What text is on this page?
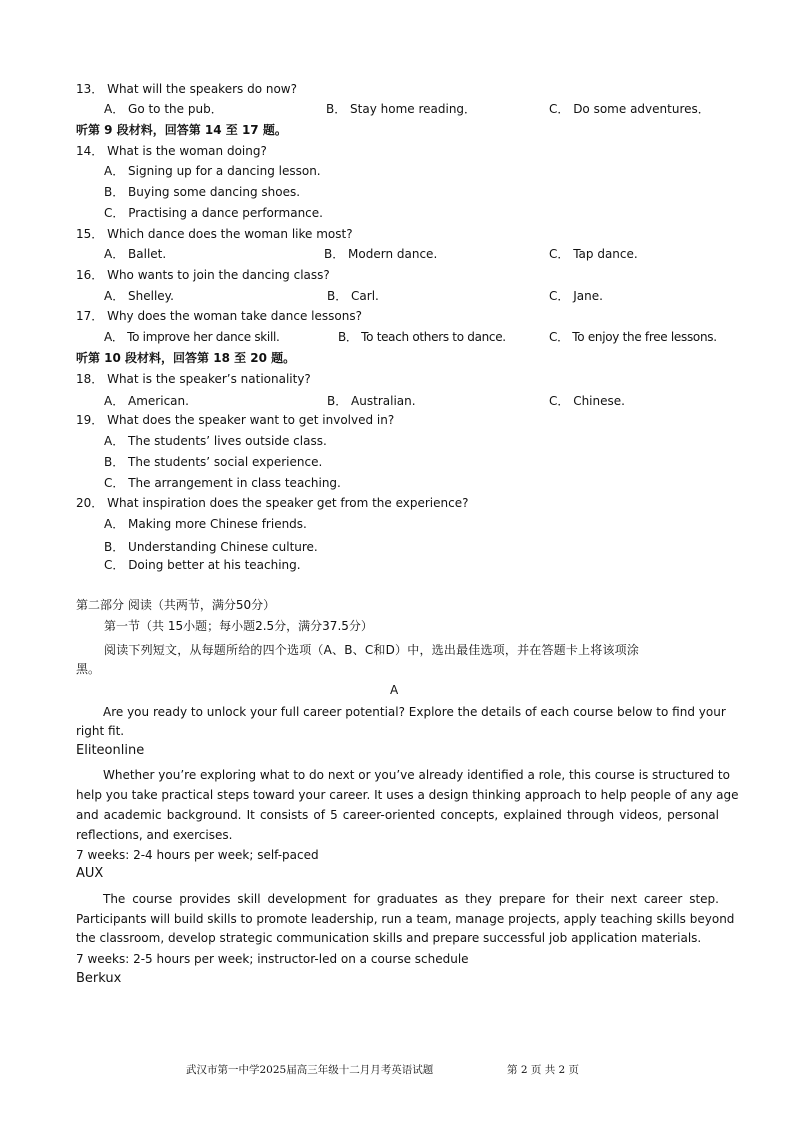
13． What will the speakers do now?
A． Go to the pub．	B． Stay home reading．	C． Do some adventures．
听第 9 段材料，回答第 14 至 17 题。
14． What is the woman doing?
A． Signing up for a dancing lesson.
B． Buying some dancing shoes.
C． Practising a dance performance.
15． Which dance does the woman like most?
A． Ballet.	B． Modern dance.	C． Tap dance.
16． Who wants to join the dancing class?
A． Shelley.	B． Carl.	C． Jane.
17． Why does the woman take dance lessons?
A． To improve her dance skill.	B． To teach others to dance.	C． To enjoy the free lessons.
听第 10 段材料，回答第 18 至 20 题。
18． What is the speaker’s nationality?
A． American.	B． Australian.	C． Chinese.
19． What does the speaker want to get involved in?
A． The students’ lives outside class.
B． The students’ social experience.
C． The arrangement in class teaching.
20． What inspiration does the speaker get from the experience?
A． Making more Chinese friends.
B． Understanding Chinese culture.
C． Doing better at his teaching.
第二部分 阅读（共两节，满分50分）
第一节（共 15小题；每小题2.5分，满分37.5分）
阅读下列短文，从每题所给的四个选项（A、B、C和D）中，选出最佳选项，并在答题卡上将该项涂
黑。
A
Are you ready to unlock your full career potential? Explore the details of each course below to find your
right fit.
Eliteonline
Whether you’re exploring what to do next or you’ve already identified a role, this course is structured to
help you take practical steps toward your career. It uses a design thinking approach to help people of any age
and academic background. It consists of 5 career-oriented concepts, explained through videos, personal
reflections, and exercises.
7 weeks: 2-4 hours per week; self-paced
AUX
The course provides skill development for graduates as they prepare for their next career step.
Participants will build skills to promote leadership, run a team, manage projects, apply teaching skills beyond
the classroom, develop strategic communication skills and prepare successful job application materials.
7 weeks: 2-5 hours per week; instructor-led on a course schedule
Berkux
武汉市第一中学2025届高三年级十二月月考英语试题	第 2 页 共 2 页
